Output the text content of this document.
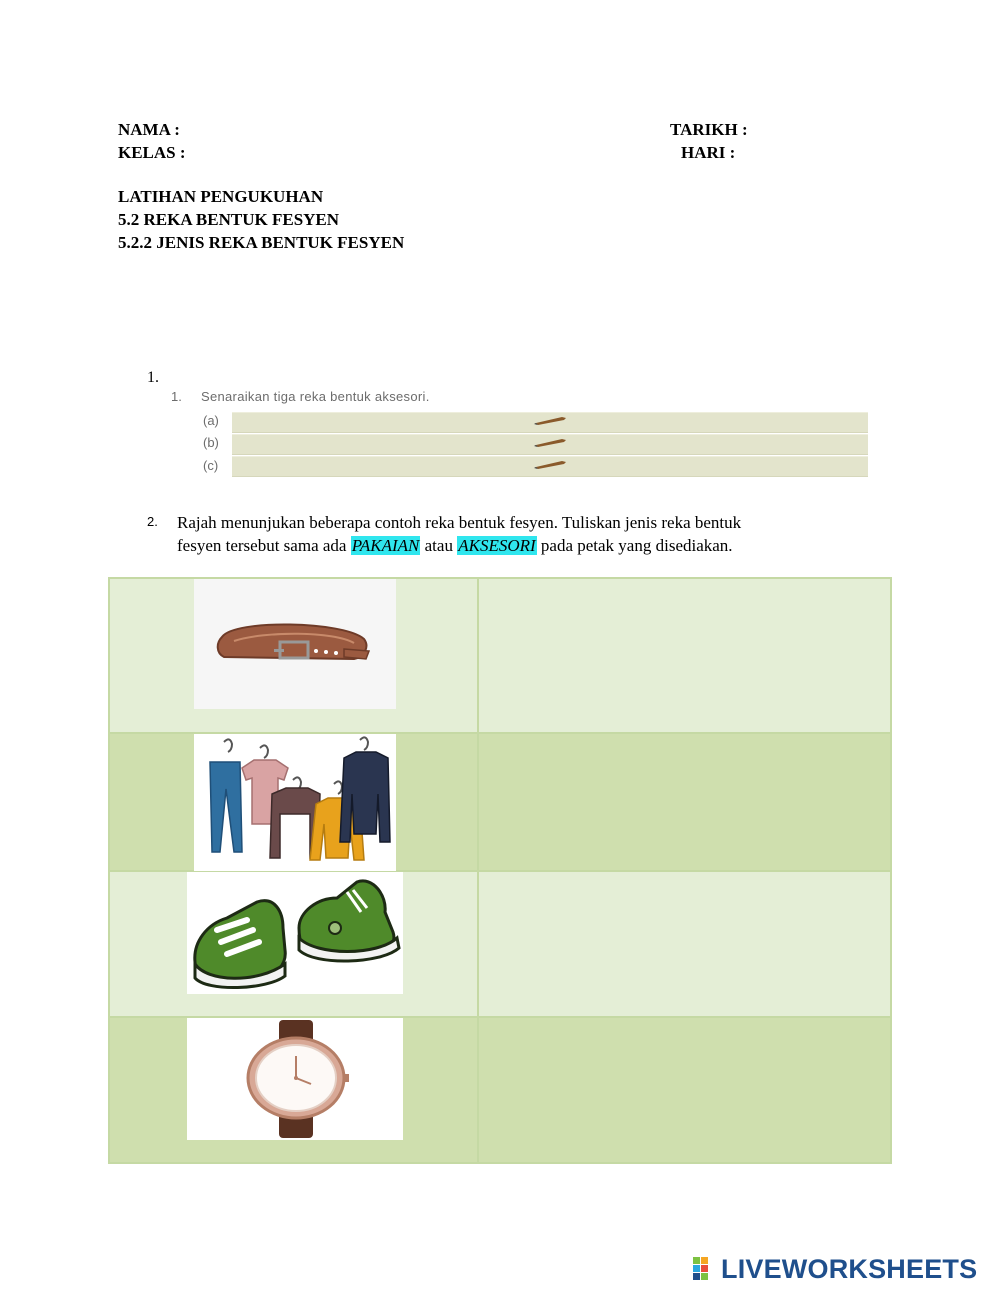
NAMA :
KELAS :
TARIKH :
HARI :
LATIHAN PENGUKUHAN
5.2 REKA BENTUK FESYEN
5.2.2 JENIS REKA BENTUK FESYEN
1.
1. Senaraikan tiga reka bentuk aksesori.
(a)
(b)
(c)
2. Rajah menunjukan beberapa contoh reka bentuk fesyen. Tuliskan jenis reka bentuk
fesyen tersebut sama ada PAKAIAN atau AKSESORI pada petak yang disediakan.

LIVEWORKSHEETS
